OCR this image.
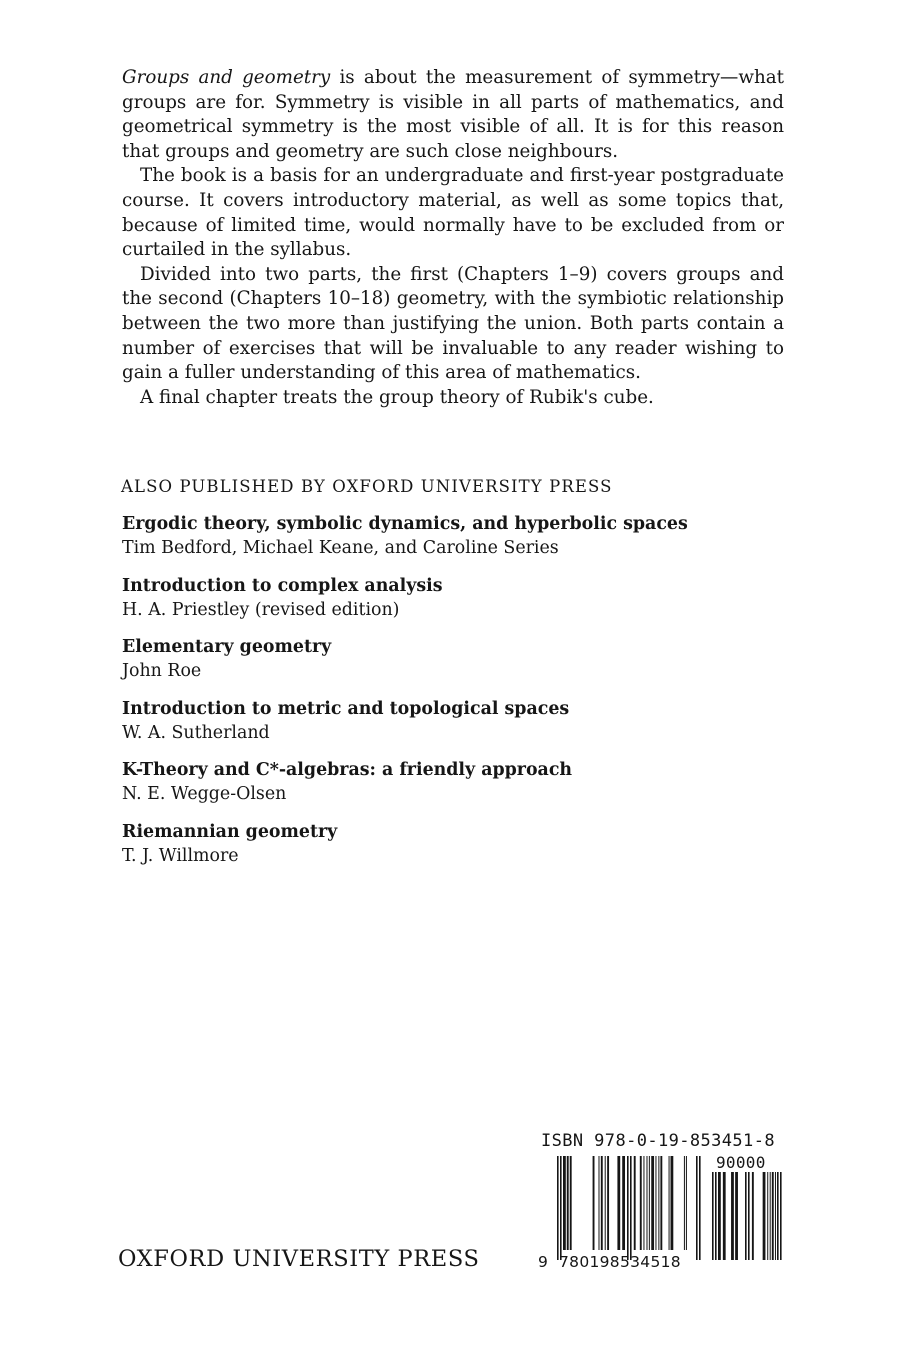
Groups and geometry is about the measurement of symmetry—what groups are for. Symmetry is visible in all parts of mathematics, and geometrical symmetry is the most visible of all. It is for this reason that groups and geometry are such close neighbours.

The book is a basis for an undergraduate and first-year postgraduate course. It covers introductory material, as well as some topics that, because of limited time, would normally have to be excluded from or curtailed in the syllabus.

Divided into two parts, the first (Chapters 1–9) covers groups and the second (Chapters 10–18) geometry, with the symbiotic relationship between the two more than justifying the union. Both parts contain a number of exercises that will be invaluable to any reader wishing to gain a fuller understanding of this area of mathematics.

A final chapter treats the group theory of Rubik's cube.

ALSO PUBLISHED BY OXFORD UNIVERSITY PRESS
Ergodic theory, symbolic dynamics, and hyperbolic spaces
Tim Bedford, Michael Keane, and Caroline Series
Introduction to complex analysis
H. A. Priestley (revised edition)
Elementary geometry
John Roe
Introduction to metric and topological spaces
W. A. Sutherland
K-Theory and C*-algebras: a friendly approach
N. E. Wegge-Olsen
Riemannian geometry
T. J. Willmore
ISBN 978-0-19-853451-8
90000
9 780198534518
OXFORD UNIVERSITY PRESS
